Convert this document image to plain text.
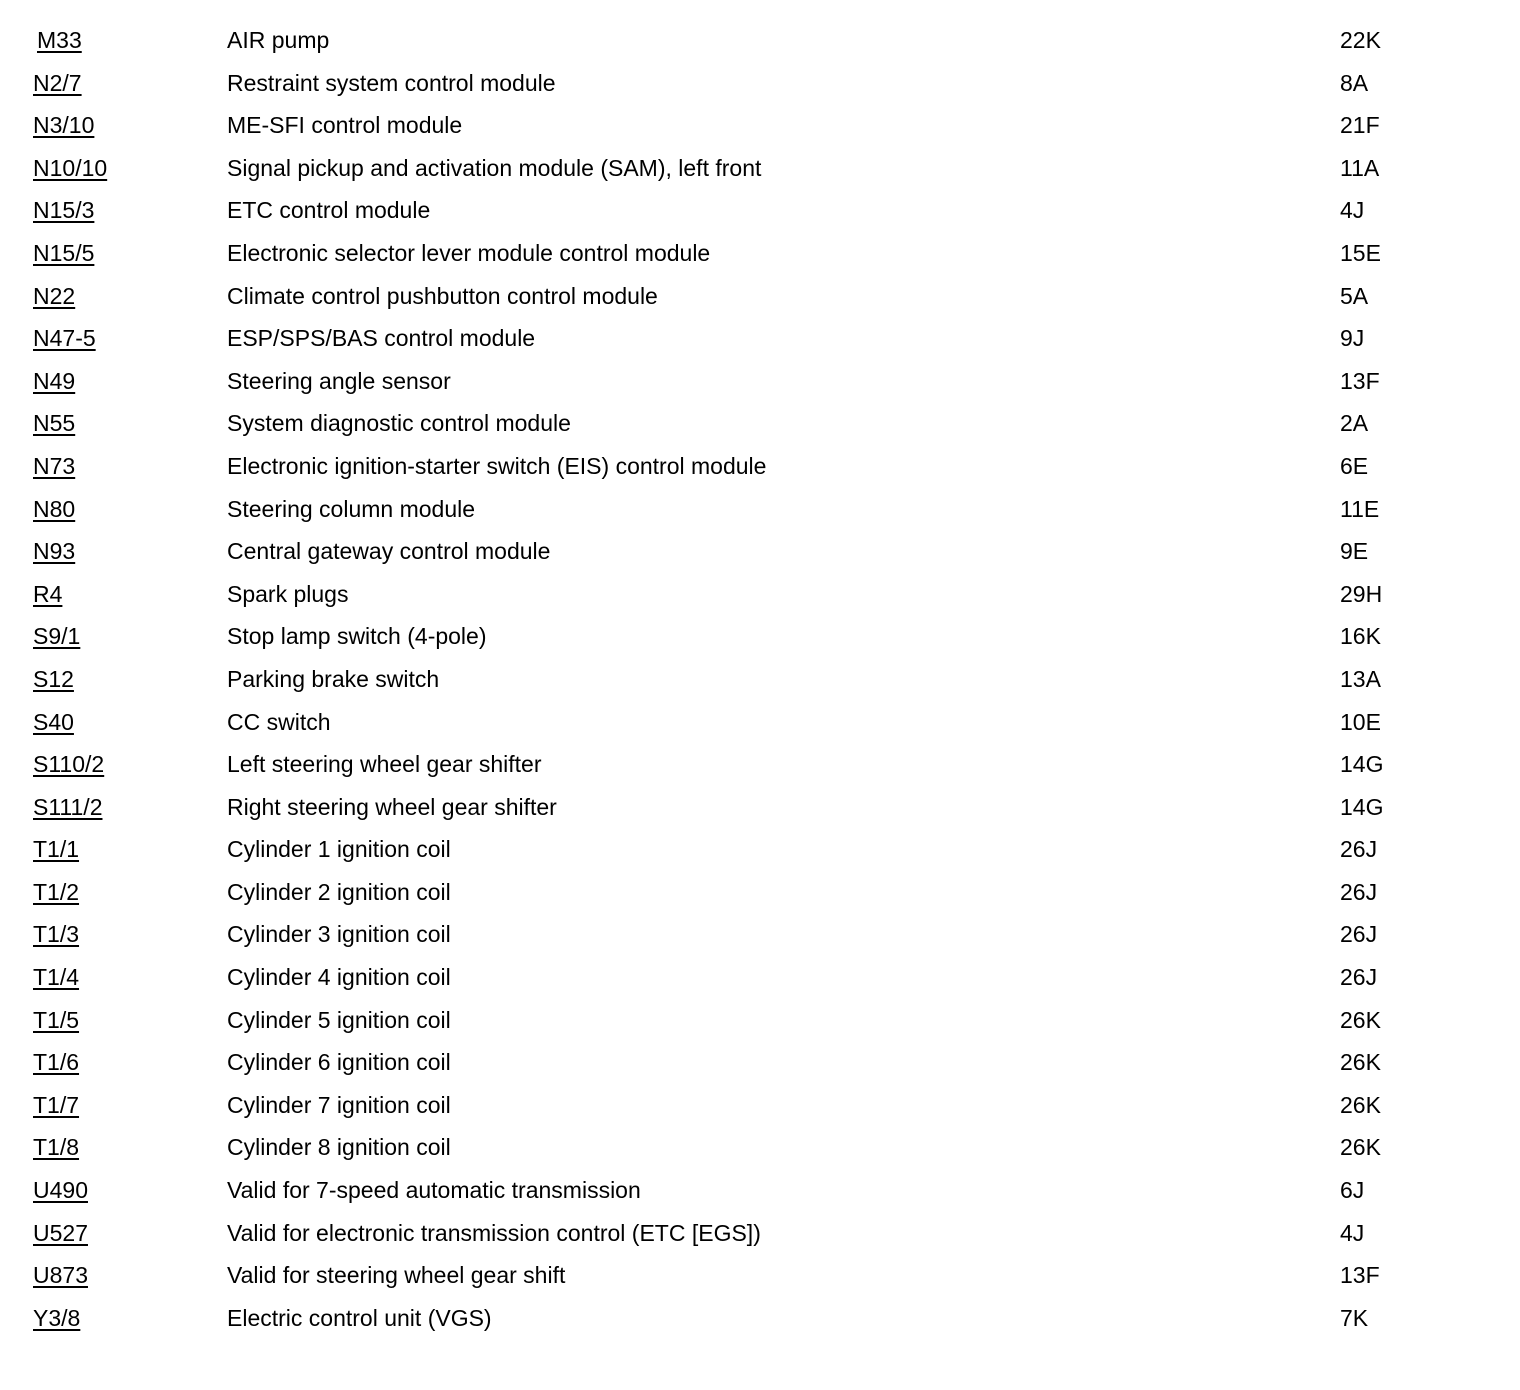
M33	AIR pump	22K
N2/7	Restraint system control module	8A
N3/10	ME-SFI control module	21F
N10/10	Signal pickup and activation module (SAM), left front	11A
N15/3	ETC control module	4J
N15/5	Electronic selector lever module control module	15E
N22	Climate control pushbutton control module	5A
N47-5	ESP/SPS/BAS control module	9J
N49	Steering angle sensor	13F
N55	System diagnostic control module	2A
N73	Electronic ignition-starter switch (EIS) control module	6E
N80	Steering column module	11E
N93	Central gateway control module	9E
R4	Spark plugs	29H
S9/1	Stop lamp switch (4-pole)	16K
S12	Parking brake switch	13A
S40	CC switch	10E
S110/2	Left steering wheel gear shifter	14G
S111/2	Right steering wheel gear shifter	14G
T1/1	Cylinder 1 ignition coil	26J
T1/2	Cylinder 2 ignition coil	26J
T1/3	Cylinder 3 ignition coil	26J
T1/4	Cylinder 4 ignition coil	26J
T1/5	Cylinder 5 ignition coil	26K
T1/6	Cylinder 6 ignition coil	26K
T1/7	Cylinder 7 ignition coil	26K
T1/8	Cylinder 8 ignition coil	26K
U490	Valid for 7-speed automatic transmission	6J
U527	Valid for electronic transmission control (ETC [EGS])	4J
U873	Valid for steering wheel gear shift	13F
Y3/8	Electric control unit (VGS)	7K
